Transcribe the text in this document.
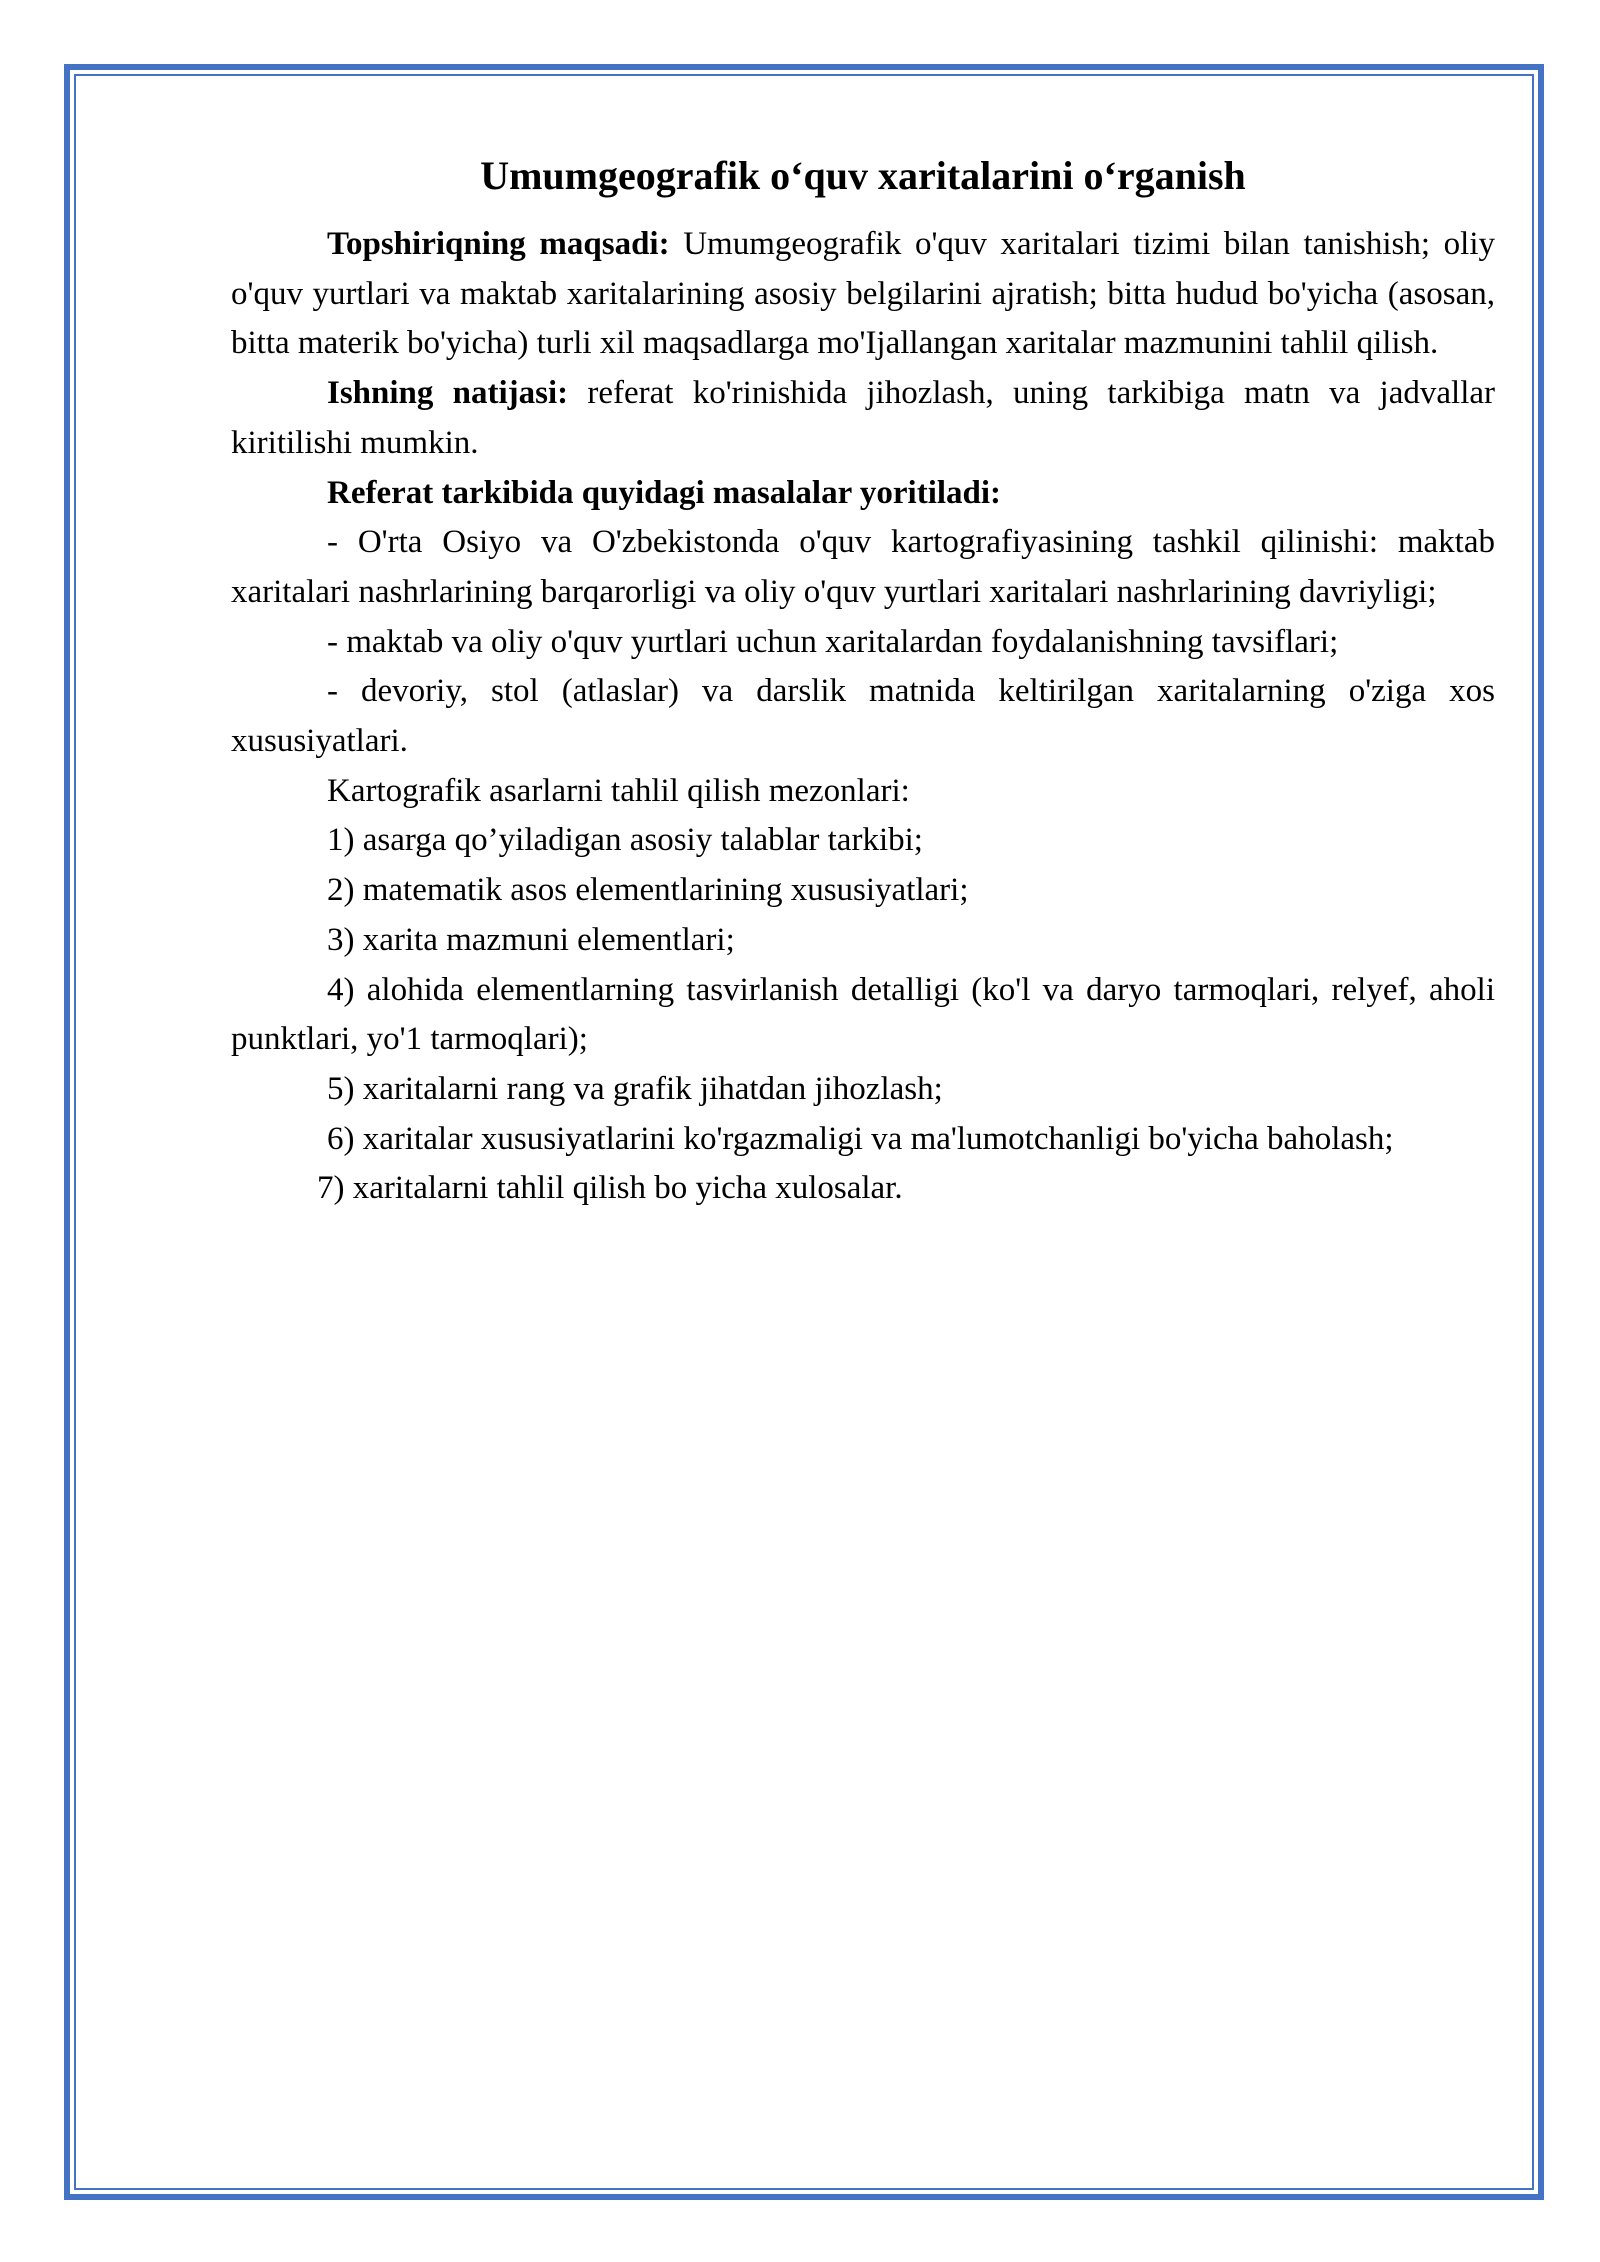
Umumgeografik o‘quv xaritalarini o‘rganish

Topshiriqning maqsadi: Umumgeografik o'quv xaritalari tizimi bilan tanishish; oliy o'quv yurtlari va maktab xaritalarining asosiy belgilarini ajratish; bitta hudud bo'yicha (asosan, bitta materik bo'yicha) turli xil maqsadlarga mo'Ijallangan xaritalar mazmunini tahlil qilish.

Ishning natijasi: referat ko'rinishida jihozlash, uning tarkibiga matn va jadvallar kiritilishi mumkin.

Referat tarkibida quyidagi masalalar yoritiladi:

- O'rta Osiyo va O'zbekistonda o'quv kartografiyasining tashkil qilinishi: maktab xaritalari nashrlarining barqarorligi va oliy o'quv yurtlari xaritalari nashrlarining davriyligi;

- maktab va oliy o'quv yurtlari uchun xaritalardan foydalanishning tavsiflari;

- devoriy, stol (atlaslar) va darslik matnida keltirilgan xaritalarning o'ziga xos xususiyatlari.

Kartografik asarlarni tahlil qilish mezonlari:

1) asarga qo’yiladigan asosiy talablar tarkibi;

2) matematik asos elementlarining xususiyatlari;

3) xarita mazmuni elementlari;

4) alohida elementlarning tasvirlanish detalligi (ko'l va daryo tarmoqlari, relyef, aholi punktlari, yo'1 tarmoqlari);

5) xaritalarni rang va grafik jihatdan jihozlash;

6) xaritalar xususiyatlarini ko'rgazmaligi va ma'lumotchanligi bo'yicha baholash;

7) xaritalarni tahlil qilish bo yicha xulosalar.
